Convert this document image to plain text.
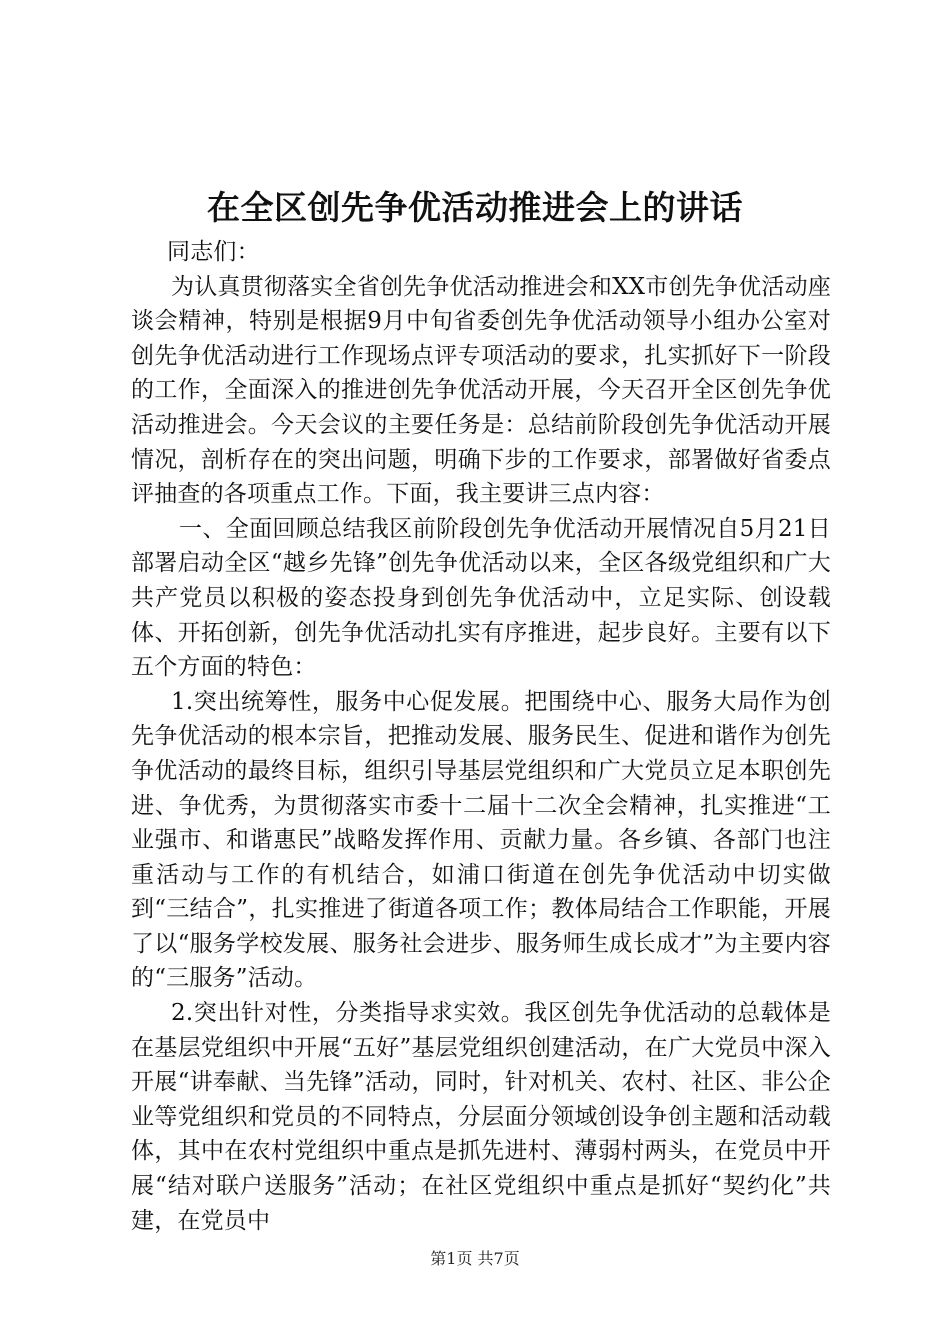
在全区创先争优活动推进会上的讲话

同志们：

为认真贯彻落实全省创先争优活动推进会和XX市创先争优活动座谈会精神，特别是根据9月中旬省委创先争优活动领导小组办公室对创先争优活动进行工作现场点评专项活动的要求，扎实抓好下一阶段的工作，全面深入的推进创先争优活动开展，今天召开全区创先争优活动推进会。今天会议的主要任务是：总结前阶段创先争优活动开展情况，剖析存在的突出问题，明确下步的工作要求，部署做好省委点评抽查的各项重点工作。下面，我主要讲三点内容：

一、全面回顾总结我区前阶段创先争优活动开展情况自5月21日部署启动全区“越乡先锋”创先争优活动以来，全区各级党组织和广大共产党员以积极的姿态投身到创先争优活动中，立足实际、创设载体、开拓创新，创先争优活动扎实有序推进，起步良好。主要有以下五个方面的特色：

1.突出统筹性，服务中心促发展。把围绕中心、服务大局作为创先争优活动的根本宗旨，把推动发展、服务民生、促进和谐作为创先争优活动的最终目标，组织引导基层党组织和广大党员立足本职创先进、争优秀，为贯彻落实市委十二届十二次全会精神，扎实推进“工业强市、和谐惠民”战略发挥作用、贡献力量。各乡镇、各部门也注重活动与工作的有机结合，如浦口街道在创先争优活动中切实做到“三结合”，扎实推进了街道各项工作；教体局结合工作职能，开展了以“服务学校发展、服务社会进步、服务师生成长成才”为主要内容的“三服务”活动。

2.突出针对性，分类指导求实效。我区创先争优活动的总载体是在基层党组织中开展“五好”基层党组织创建活动，在广大党员中深入开展“讲奉献、当先锋”活动，同时，针对机关、农村、社区、非公企业等党组织和党员的不同特点，分层面分领域创设争创主题和活动载体，其中在农村党组织中重点是抓先进村、薄弱村两头，在党员中开展“结对联户送服务”活动；在社区党组织中重点是抓好“契约化”共建，在党员中

第1页 共7页
